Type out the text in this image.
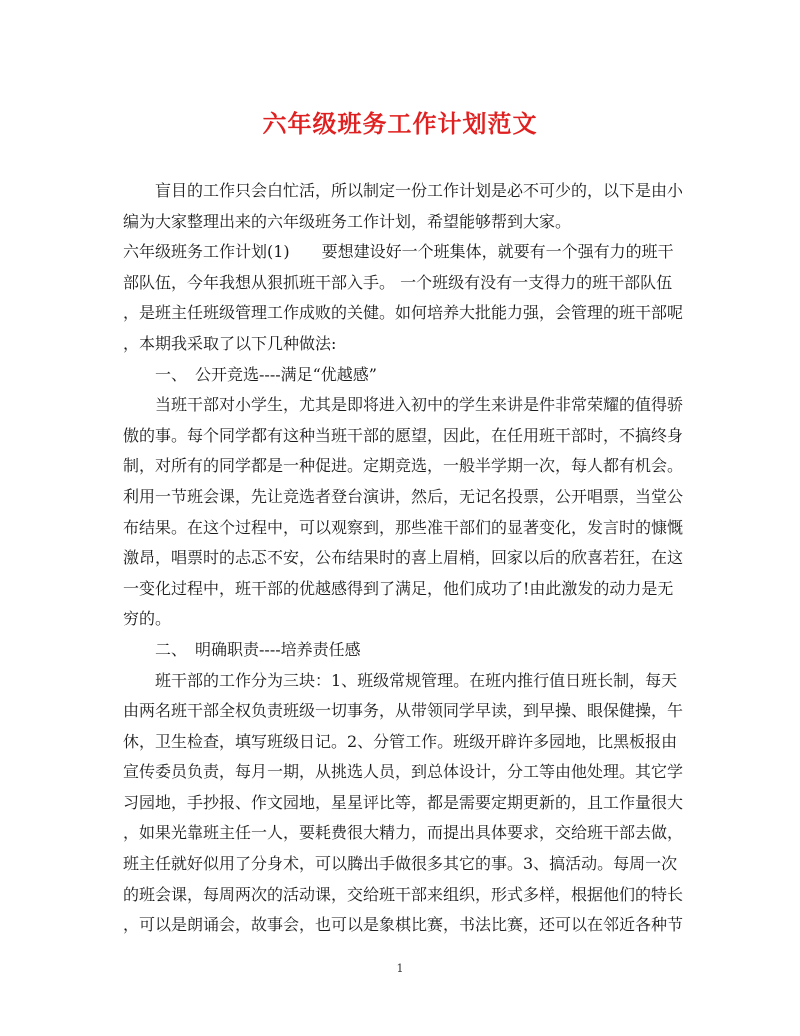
六年级班务工作计划范文
盲目的工作只会白忙活，所以制定一份工作计划是必不可少的，以下是由小
编为大家整理出来的六年级班务工作计划，希望能够帮到大家。
六年级班务工作计划(1)　　要想建设好一个班集体，就要有一个强有力的班干
部队伍，今年我想从狠抓班干部入手。 一个班级有没有一支得力的班干部队伍
，是班主任班级管理工作成败的关健。如何培养大批能力强，会管理的班干部呢
，本期我采取了以下几种做法:
一、　公开竞选----满足“优越感”
当班干部对小学生，尤其是即将进入初中的学生来讲是件非常荣耀的值得骄
傲的事。每个同学都有这种当班干部的愿望，因此，在任用班干部时，不搞终身
制，对所有的同学都是一种促进。定期竞选，一般半学期一次，每人都有机会。
利用一节班会课，先让竞选者登台演讲，然后，无记名投票，公开唱票，当堂公
布结果。在这个过程中，可以观察到，那些准干部们的显著变化，发言时的慷慨
激昂，唱票时的忐忑不安，公布结果时的喜上眉梢，回家以后的欣喜若狂，在这
一变化过程中，班干部的优越感得到了满足，他们成功了!由此激发的动力是无
穷的。
二、　明确职责----培养责任感
班干部的工作分为三块：1、班级常规管理。在班内推行值日班长制，每天
由两名班干部全权负责班级一切事务，从带领同学早读，到早操、眼保健操，午
休，卫生检查，填写班级日记。2、分管工作。班级开辟许多园地，比黑板报由
宣传委员负责，每月一期，从挑选人员，到总体设计，分工等由他处理。其它学
习园地，手抄报、作文园地，星星评比等，都是需要定期更新的，且工作量很大
，如果光靠班主任一人，要耗费很大精力，而提出具体要求，交给班干部去做，
班主任就好似用了分身术，可以腾出手做很多其它的事。3、搞活动。每周一次
的班会课，每周两次的活动课，交给班干部来组织，形式多样，根据他们的特长
，可以是朗诵会，故事会，也可以是象棋比赛，书法比赛，还可以在邻近各种节
1
